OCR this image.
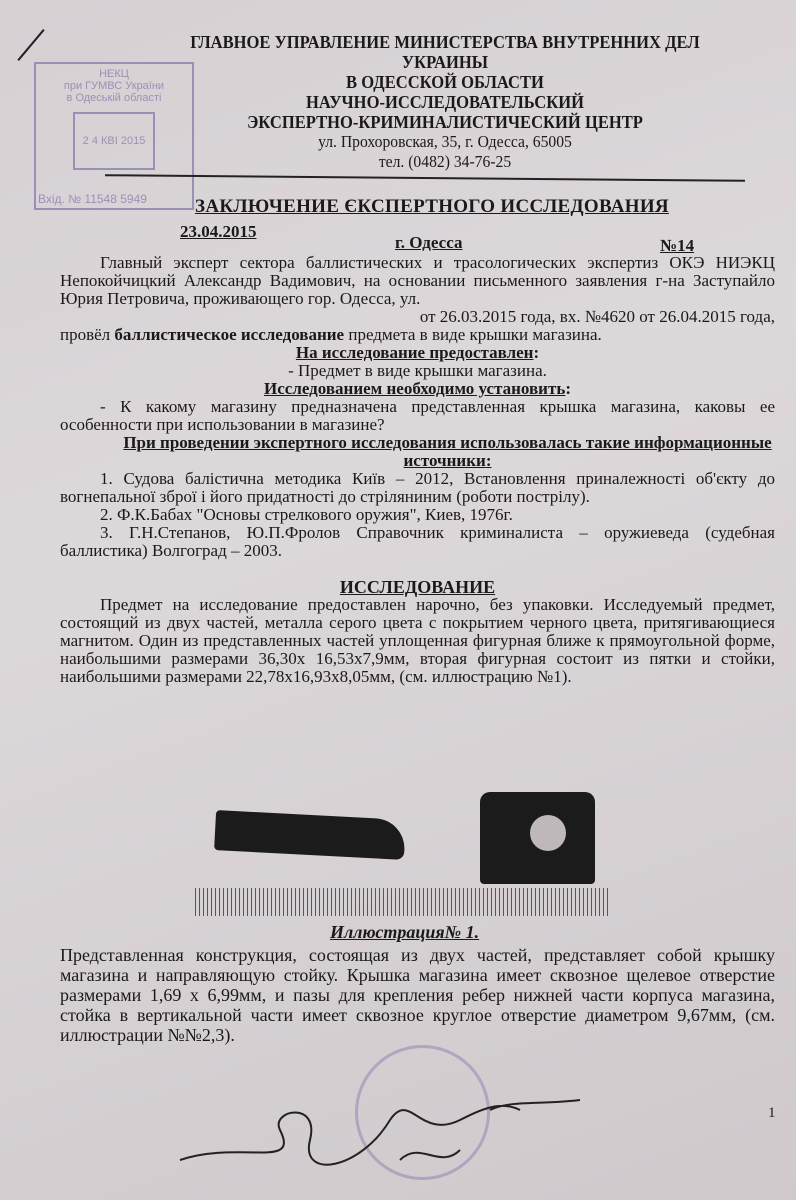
НЕКЦ
при ГУМВС України
в Одеській області
2 4 КВІ 2015
Вхід. № 11548 5949
ГЛАВНОЕ УПРАВЛЕНИЕ МИНИСТЕРСТВА ВНУТРЕННИХ ДЕЛ
УКРАИНЫ
В ОДЕССКОЙ ОБЛАСТИ
НАУЧНО-ИССЛЕДОВАТЕЛЬСКИЙ
ЭКСПЕРТНО-КРИМИНАЛИСТИЧЕСКИЙ ЦЕНТР
ул. Прохоровская, 35, г. Одесса, 65005
тел. (0482) 34-76-25
ЗАКЛЮЧЕНИЕ ЄКСПЕРТНОГО ИССЛЕДОВАНИЯ
23.04.2015
г. Одесса	№14

Главный эксперт сектора баллистических и трасологических экспертиз ОКЭ НИЭКЦ Непокойчицкий Александр Вадимович, на основании письменного заявления г-на Заступайло Юрия Петровича, проживающего гор. Одесса, ул.

от 26.03.2015 года, вх. №4620 от 26.04.2015 года,

провёл баллистическое исследование предмета в виде крышки магазина.

На исследование предоставлен:

- Предмет в виде крышки магазина.

Исследованием необходимо установить:

- К какому магазину предназначена представленная крышка магазина, каковы ее особенности при использовании в магазине?

При проведении экспертного исследования использовалась такие информационные источники:

1. Судова балістична методика Київ – 2012, Встановлення приналежності об'єкту до вогнепальної зброї і його придатності до стріляниним (роботи пострілу).

2. Ф.К.Бабах "Основы стрелкового оружия", Киев, 1976г.

3. Г.Н.Степанов, Ю.П.Фролов Справочник криминалиста – оружиеведа (судебная баллистика) Волгоград – 2003.

ИССЛЕДОВАНИЕ

Предмет на исследование предоставлен нарочно, без упаковки. Исследуемый предмет, состоящий из двух частей, металла серого цвета с покрытием черного цвета, притягивающиеся магнитом. Один из представленных частей уплощенная фигурная ближе к прямоугольной форме, наибольшими размерами 36,30х 16,53х7,9мм, вторая фигурная состоит из пятки и стойки, наибольшими размерами 22,78х16,93х8,05мм, (см. иллюстрацию №1).

Иллюстрация№ 1.
Представленная конструкция, состоящая из двух частей, представляет собой крышку магазина и направляющую стойку. Крышка магазина имеет сквозное щелевое отверстие размерами 1,69 х 6,99мм, и пазы для крепления ребер нижней части корпуса магазина, стойка в вертикальной части имеет сквозное круглое отверстие диаметром 9,67мм, (см. иллюстрации №№2,3).
1
